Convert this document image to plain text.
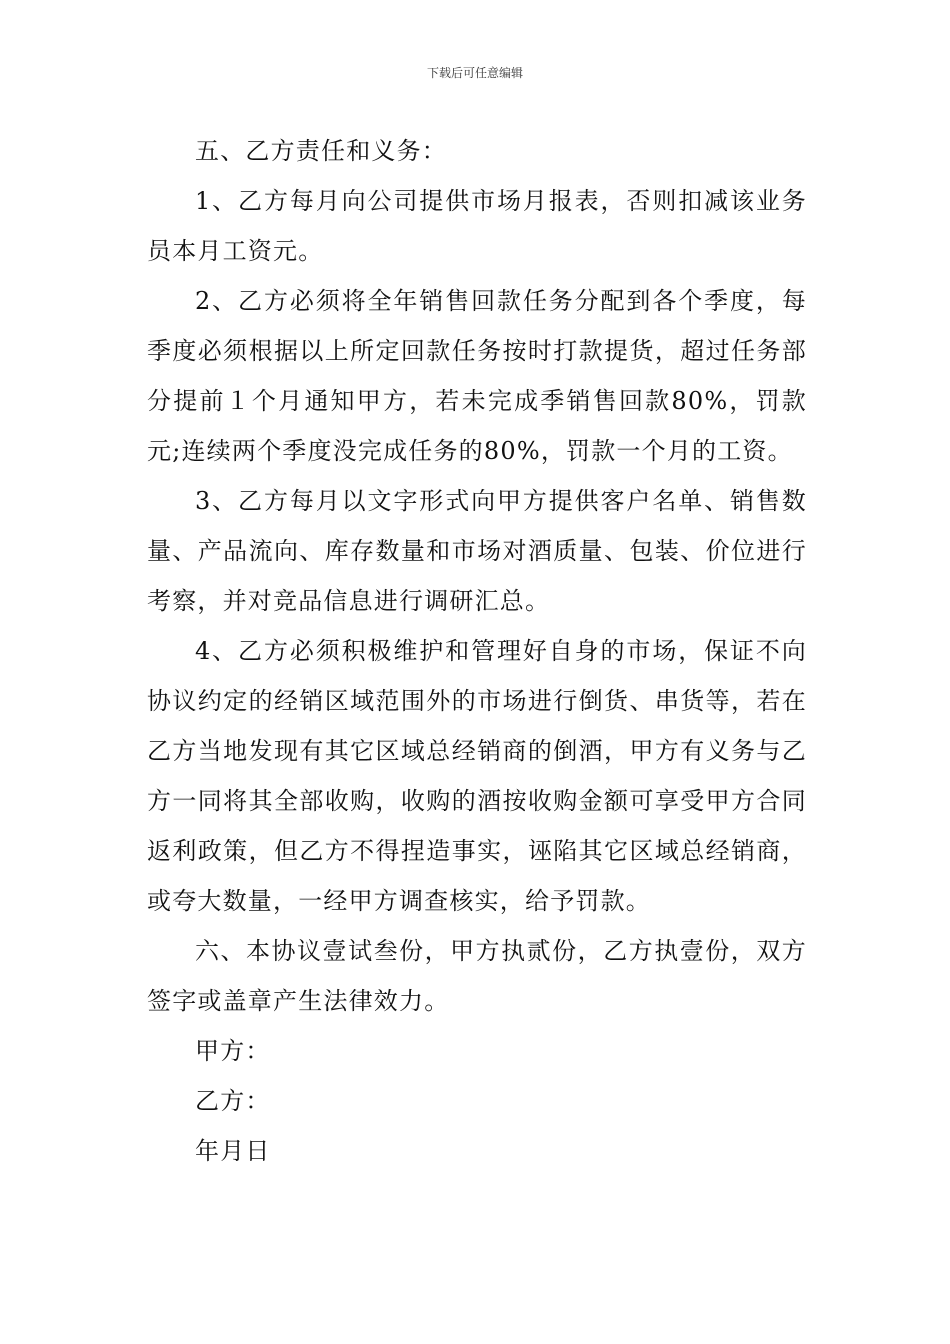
下载后可任意编辑

五、乙方责任和义务：

1、乙方每月向公司提供市场月报表，否则扣减该业务员本月工资元。

2、乙方必须将全年销售回款任务分配到各个季度，每季度必须根据以上所定回款任务按时打款提货，超过任务部分提前１个月通知甲方，若未完成季销售回款80%，罚款元;连续两个季度没完成任务的80%，罚款一个月的工资。

3、乙方每月以文字形式向甲方提供客户名单、销售数量、产品流向、库存数量和市场对酒质量、包装、价位进行考察，并对竞品信息进行调研汇总。

4、乙方必须积极维护和管理好自身的市场，保证不向协议约定的经销区域范围外的市场进行倒货、串货等，若在乙方当地发现有其它区域总经销商的倒酒，甲方有义务与乙方一同将其全部收购，收购的酒按收购金额可享受甲方合同返利政策，但乙方不得捏造事实，诬陷其它区域总经销商，或夸大数量，一经甲方调查核实，给予罚款。

六、本协议壹试叁份，甲方执贰份，乙方执壹份，双方签字或盖章产生法律效力。

甲方：

乙方：

年月日
